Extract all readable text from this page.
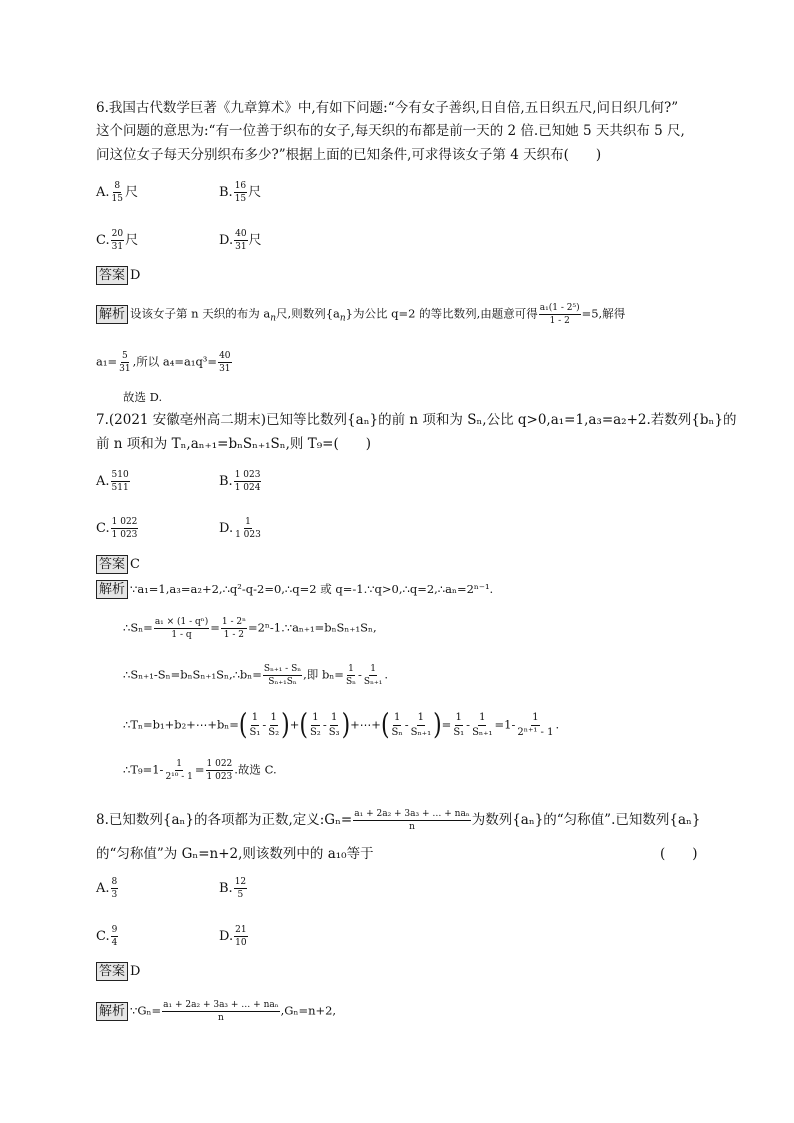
6.我国古代数学巨著《九章算术》中,有如下问题:“今有女子善织,日自倍,五日织五尺,问日织几何?”
这个问题的意思为:“有一位善于织布的女子,每天织的布都是前一天的 2 倍.已知她 5 天共织布 5 尺,
问这位女子每天分别织布多少?”根据上面的已知条件,可求得该女子第 4 天织布(　　)
A. $\frac{8}{15}$ 尺	B. $\frac{16}{15}$ 尺
C. $\frac{20}{31}$ 尺	D. $\frac{40}{31}$ 尺
答案 D
解析 设该女子第 n 天织的布为 $a_n$尺,则数列$\{a_n\}$为公比 q=2 的等比数列,由题意可得 $\frac{\text{a₁(1 - 2⁵)}}{1 - 2} =5$,解得
$a_1= \frac{5}{31}$ ,所以 $a_4=a_1q^3= \frac{40}{31}$
故选 D.
7.(2021 安徽亳州高二期末)已知等比数列{aₙ}的前 n 项和为 Sₙ,公比 q>0,a₁=1,a₃=a₂+2.若数列{bₙ}的
前 n 项和为 Tₙ,aₙ₊₁=bₙSₙ₊₁Sₙ,则 T₉=(　　)
A. $\frac{510}{511}$	B. $\frac{1 023}{1 024}$
C. $\frac{1 022}{1 023}$	D. $\frac{1}{1 023}$
答案 C
解析 ∵a₁=1,a₃=a₂+2,∴q²-q-2=0,∴q=2 或 q=-1.∵q>0,∴q=2,∴aₙ=2ⁿ⁻¹.
∴Sₙ= $\frac{\text{a₁ × (1 - qⁿ)}}{1 - q} = \frac{\text{1 - 2ⁿ}}{1 - 2}$ =2ⁿ-1.∵aₙ₊₁=bₙSₙ₊₁Sₙ,
∴Sₙ₊₁-Sₙ=bₙSₙ₊₁Sₙ,∴bₙ= $\frac{\text{Sₙ₊₁ - Sₙ}}{\text{Sₙ₊₁Sₙ}}$ ,即 $b_n= \frac{1}{\text{Sₙ}} - \frac{1}{\text{Sₙ₊₁}}$ .
∴Tₙ=b₁+b₂+⋯+bₙ=( $\frac{1}{\text{S₁}} - \frac{1}{\text{S₂}}$ )+( $\frac{1}{\text{S₂}} - \frac{1}{\text{S₃}}$ )+⋯+( $\frac{1}{\text{Sₙ}} - \frac{1}{\text{Sₙ₊₁}}$ )= $\frac{1}{\text{S₁}} - \frac{1}{\text{Sₙ₊₁}} =1- \frac{1}{\text{2ⁿ⁺¹ - 1}}$ .
∴T₉=1- $\frac{1}{\text{2¹⁰ - 1}} = \frac{1 022}{1 023}$ .故选 C.
8.已知数列{aₙ}的各项都为正数,定义:Gₙ= $\frac{\text{a₁ + 2a₂ + 3a₃ + … + naₙ}}{n}$ 为数列{aₙ}的“匀称值”.已知数列{aₙ}
的“匀称值”为 Gₙ=n+2,则该数列中的 a₁₀等于	(　　)
A. $\frac{8}{3}$	B. $\frac{12}{5}$
C. $\frac{9}{4}$	D. $\frac{21}{10}$
答案 D
解析 ∵Gₙ= $\frac{\text{a₁ + 2a₂ + 3a₃ + … + naₙ}}{n} ,G_n=n+2$,
